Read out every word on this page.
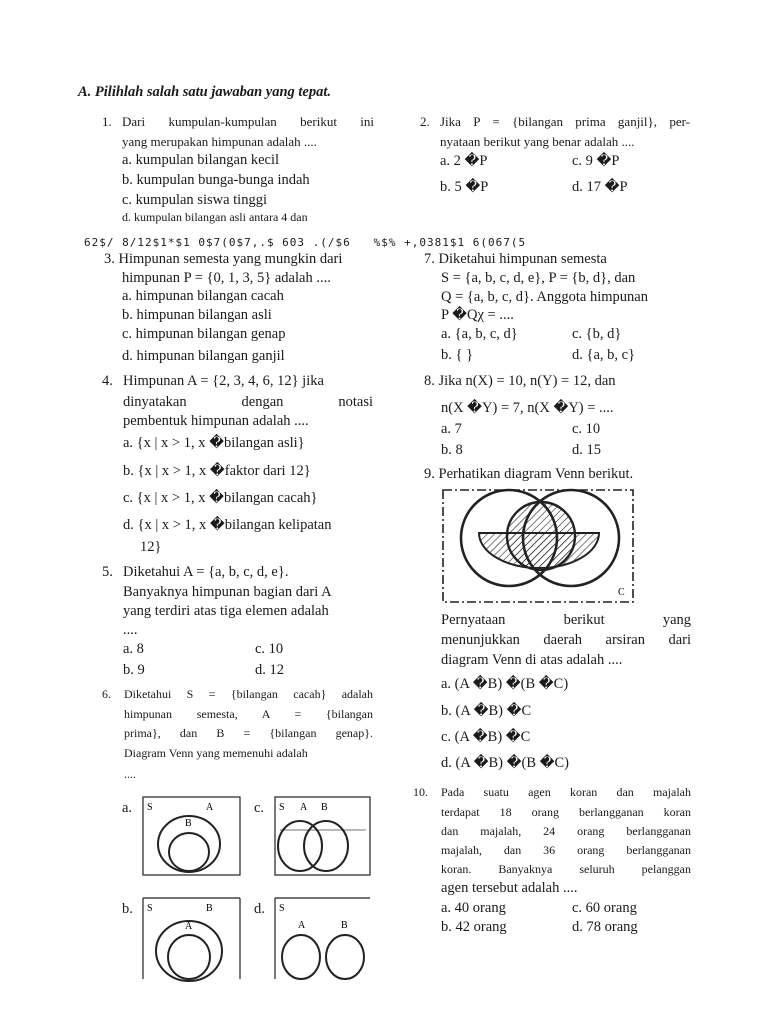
A. Pilihlah salah satu jawaban yang tepat.
1. Dari kumpulan-kumpulan berikut ini
yang merupakan himpunan adalah ....
a. kumpulan bilangan kecil
b. kumpulan bunga-bunga indah
c. kumpulan siswa tinggi
d. kumpulan bilangan asli antara 4 dan
2. Jika P = {bilangan prima ganjil}, per-
nyataan berikut yang benar adalah ....
a. 2 �P	c. 9 �P
b. 5 �P	d. 17 �P
62$/ 8/12$1*$1 0$7(0$7,.$ 603 .(/$6   %$% +,0381$1 6(067(5
3. Himpunan semesta yang mungkin dari
himpunan P = {0, 1, 3, 5} adalah ....
a. himpunan bilangan cacah
b. himpunan bilangan asli
c. himpunan bilangan genap
d. himpunan bilangan ganjil
4. Himpunan A = {2, 3, 4, 6, 12} jika
dinyatakan dengan notasi
pembentuk himpunan adalah ....
a. {x | x > 1, x �bilangan asli}
b. {x | x > 1, x �faktor dari 12}
c. {x | x > 1, x �bilangan cacah}
d. {x | x > 1, x �bilangan kelipatan
12}
5. Diketahui A = {a, b, c, d, e}.
Banyaknya himpunan bagian dari A
yang terdiri atas tiga elemen adalah
....
a. 8	c. 10
b. 9	d. 12
6. Diketahui S = {bilangan cacah} adalah
himpunan semesta, A = {bilangan
prima}, dan B = {bilangan genap}.
Diagram Venn yang memenuhi adalah
....
a.	c.
b.	d.
S	A
B
S A B
S	B
A
S
A	B
7. Diketahui himpunan semesta
S = {a, b, c, d, e}, P = {b, d}, dan
Q = {a, b, c, d}. Anggota himpunan
P �Qχ = ....
a. {a, b, c, d}	c. {b, d}
b. { }	d. {a, b, c}
8. Jika n(X) = 10, n(Y) = 12, dan
n(X �Y) = 7, n(X �Y) = ....
a. 7	c. 10
b. 8	d. 15
9. Perhatikan diagram Venn berikut.
C
Pernyataan berikut yang
menunjukkan daerah arsiran dari
diagram Venn di atas adalah ....
a. (A �B) �(B �C)
b. (A �B) �C
c. (A �B) �C
d. (A �B) �(B �C)
10. Pada suatu agen koran dan majalah
terdapat 18 orang berlangganan koran
dan majalah, 24 orang berlangganan
majalah, dan 36 orang berlangganan
koran. Banyaknya seluruh pelanggan
agen tersebut adalah ....
a. 40 orang	c. 60 orang
b. 42 orang	d. 78 orang
